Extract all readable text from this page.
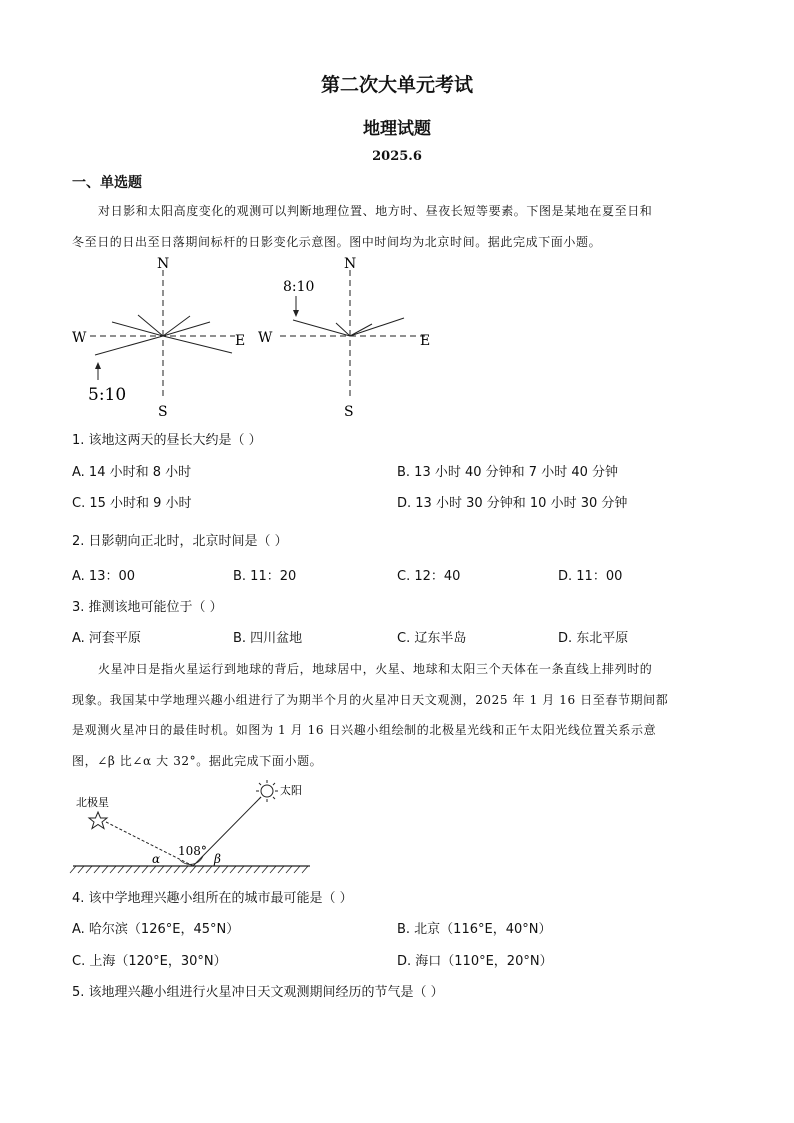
第二次大单元考试
地理试题
2025.6
一、单选题
对日影和太阳高度变化的观测可以判断地理位置、地方时、昼夜长短等要素。下图是某地在夏至日和
冬至日的日出至日落期间标杆的日影变化示意图。图中时间均为北京时间。据此完成下面小题。
N
S
W	E
5:10
N
S
W	E
8:10
1. 该地这两天的昼长大约是（ ）
A. 14 小时和 8 小时	B. 13 小时 40 分钟和 7 小时 40 分钟
C. 15 小时和 9 小时	D. 13 小时 30 分钟和 10 小时 30 分钟
2. 日影朝向正北时，北京时间是（ ）
A. 13：00	B. 11：20	C. 12：40	D. 11：00
3. 推测该地可能位于（ ）
A. 河套平原	B. 四川盆地	C. 辽东半岛	D. 东北平原
火星冲日是指火星运行到地球的背后，地球居中，火星、地球和太阳三个天体在一条直线上排列时的
现象。我国某中学地理兴趣小组进行了为期半个月的火星冲日天文观测，2025 年 1 月 16 日至春节期间都
是观测火星冲日的最佳时机。如图为 1 月 16 日兴趣小组绘制的北极星光线和正午太阳光线位置关系示意
图，∠β 比∠α 大 32°。据此完成下面小题。
北极星
太阳
108°
α	β
4. 该中学地理兴趣小组所在的城市最可能是（ ）
A. 哈尔滨（126°E，45°N）	B. 北京（116°E，40°N）
C. 上海（120°E，30°N）	D. 海口（110°E，20°N）
5. 该地理兴趣小组进行火星冲日天文观测期间经历的节气是（ ）
